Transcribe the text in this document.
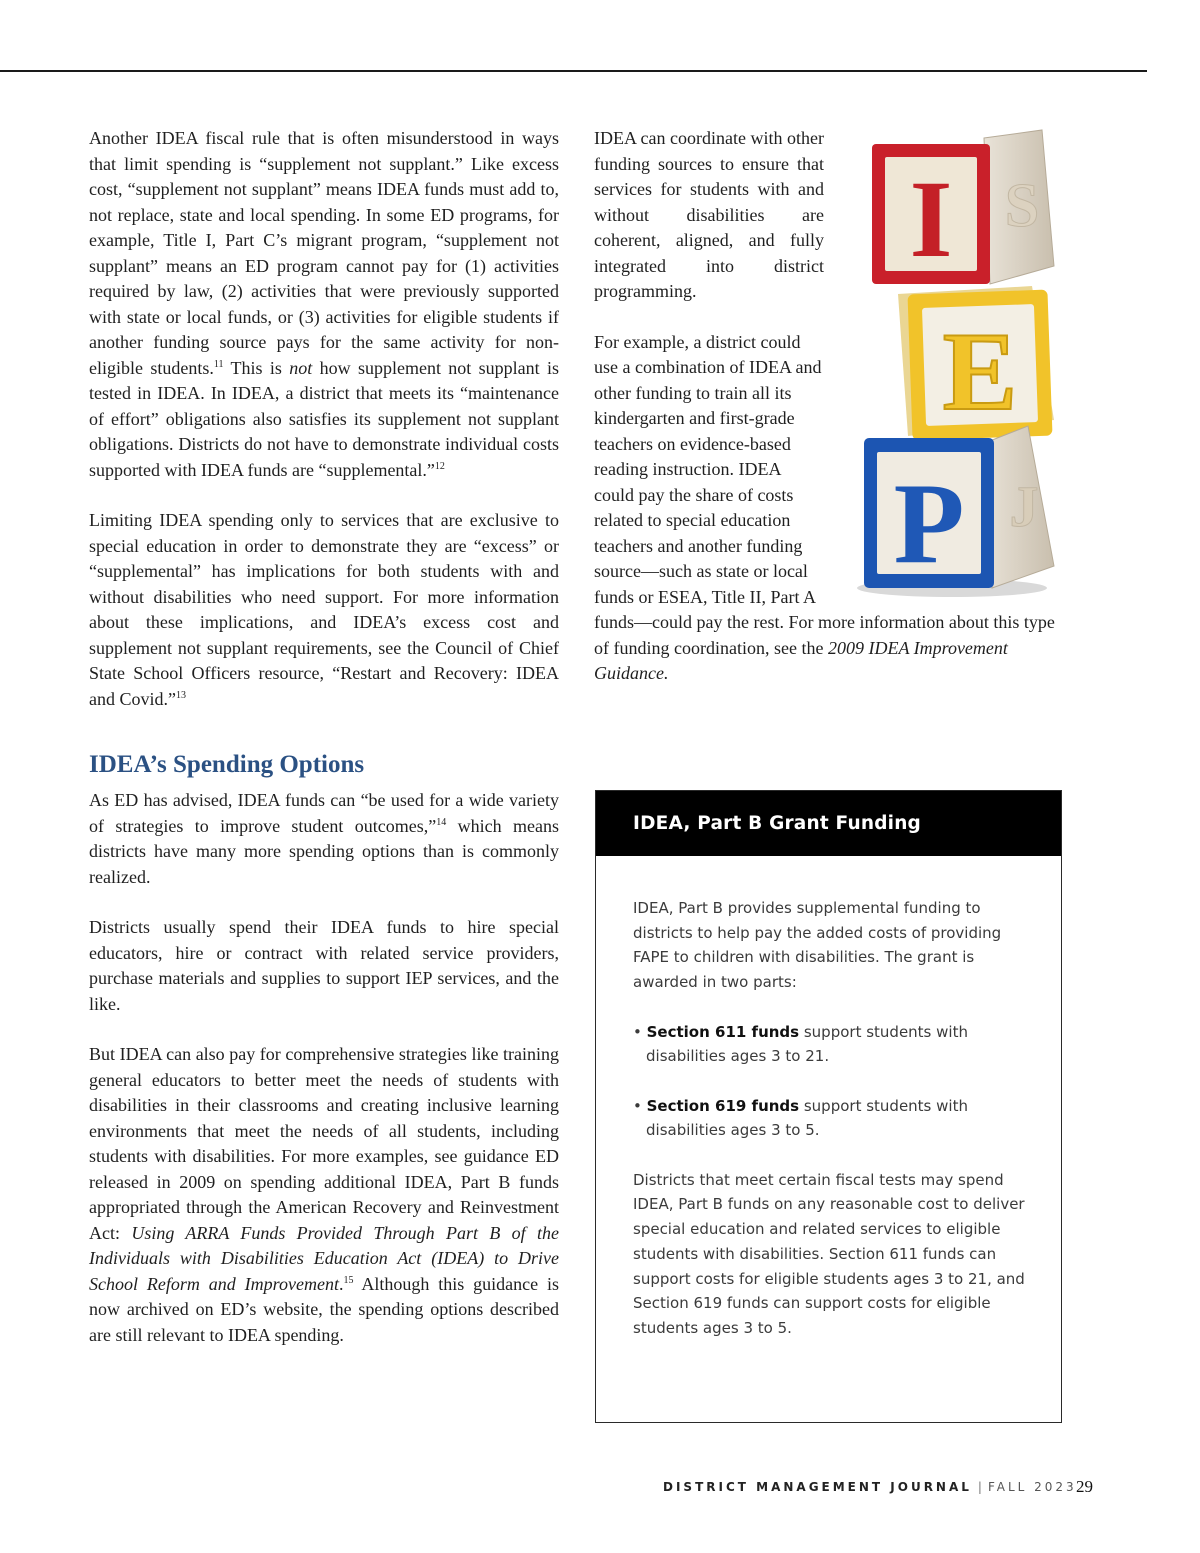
Another IDEA fiscal rule that is often misunderstood in ways that limit spending is “supplement not supplant.” Like excess cost, “supplement not supplant” means IDEA funds must add to, not replace, state and local spending. In some ED programs, for example, Title I, Part C’s migrant program, “supplement not supplant” means an ED program cannot pay for (1) activities required by law, (2) activities that were previously supported with state or local funds, or (3) activities for eligible students if another funding source pays for the same activity for non-eligible students.$^{11}$ This is not how supplement not supplant is tested in IDEA. In IDEA, a district that meets its “maintenance of effort” obligations also satisfies its supplement not supplant obligations. Districts do not have to demonstrate individual costs supported with IDEA funds are “supplemental.”$^{12}$

Limiting IDEA spending only to services that are exclusive to special education in order to demonstrate they are “excess” or “supplemental” has implications for both students with and without disabilities who need support. For more information about these implications, and IDEA’s excess cost and supplement not supplant requirements, see the Council of Chief State School Officers resource, “Restart and Recovery: IDEA and Covid.”$^{13}$

IDEA’s Spending Options

As ED has advised, IDEA funds can “be used for a wide variety of strategies to improve student outcomes,”$^{14}$ which means districts have many more spending options than is commonly realized.

Districts usually spend their IDEA funds to hire special educators, hire or contract with related service providers, purchase materials and supplies to support IEP services, and the like.

But IDEA can also pay for comprehensive strategies like training general educators to better meet the needs of students with disabilities in their classrooms and creating inclusive learning environments that meet the needs of all students, including students with disabilities. For more examples, see guidance ED released in 2009 on spending additional IDEA, Part B funds appropriated through the American Recovery and Reinvestment Act: Using ARRA Funds Provided Through Part B of the Individuals with Disabilities Education Act (IDEA) to Drive School Reform and Improvement.$^{15}$ Although this guidance is now archived on ED’s website, the spending options described are still relevant to IDEA spending.

I S
E
P J

IDEA can coordinate with other funding sources to ensure that services for students with and without disabilities are coherent, aligned, and fully integrated into district programming.

For example, a district could use a combination of IDEA and other funding to train all its kindergarten and first-grade teachers on evidence-based reading instruction. IDEA could pay the share of costs related to special education teachers and another funding source—such as state or local funds or ESEA, Title II, Part A funds—could pay the rest. For more information about this type of funding coordination, see the 2009 IDEA Improvement Guidance.

IDEA, Part B Grant Funding

IDEA, Part B provides supplemental funding to districts to help pay the added costs of providing FAPE to children with disabilities. The grant is awarded in two parts:

• Section 611 funds support students with disabilities ages 3 to 21.

• Section 619 funds support students with disabilities ages 3 to 5.

Districts that meet certain fiscal tests may spend IDEA, Part B funds on any reasonable cost to deliver special education and related services to eligible students with disabilities. Section 611 funds can support costs for eligible students ages 3 to 21, and Section 619 funds can support costs for eligible students ages 3 to 5.

DISTRICT MANAGEMENT JOURNAL | FALL 2023 29
